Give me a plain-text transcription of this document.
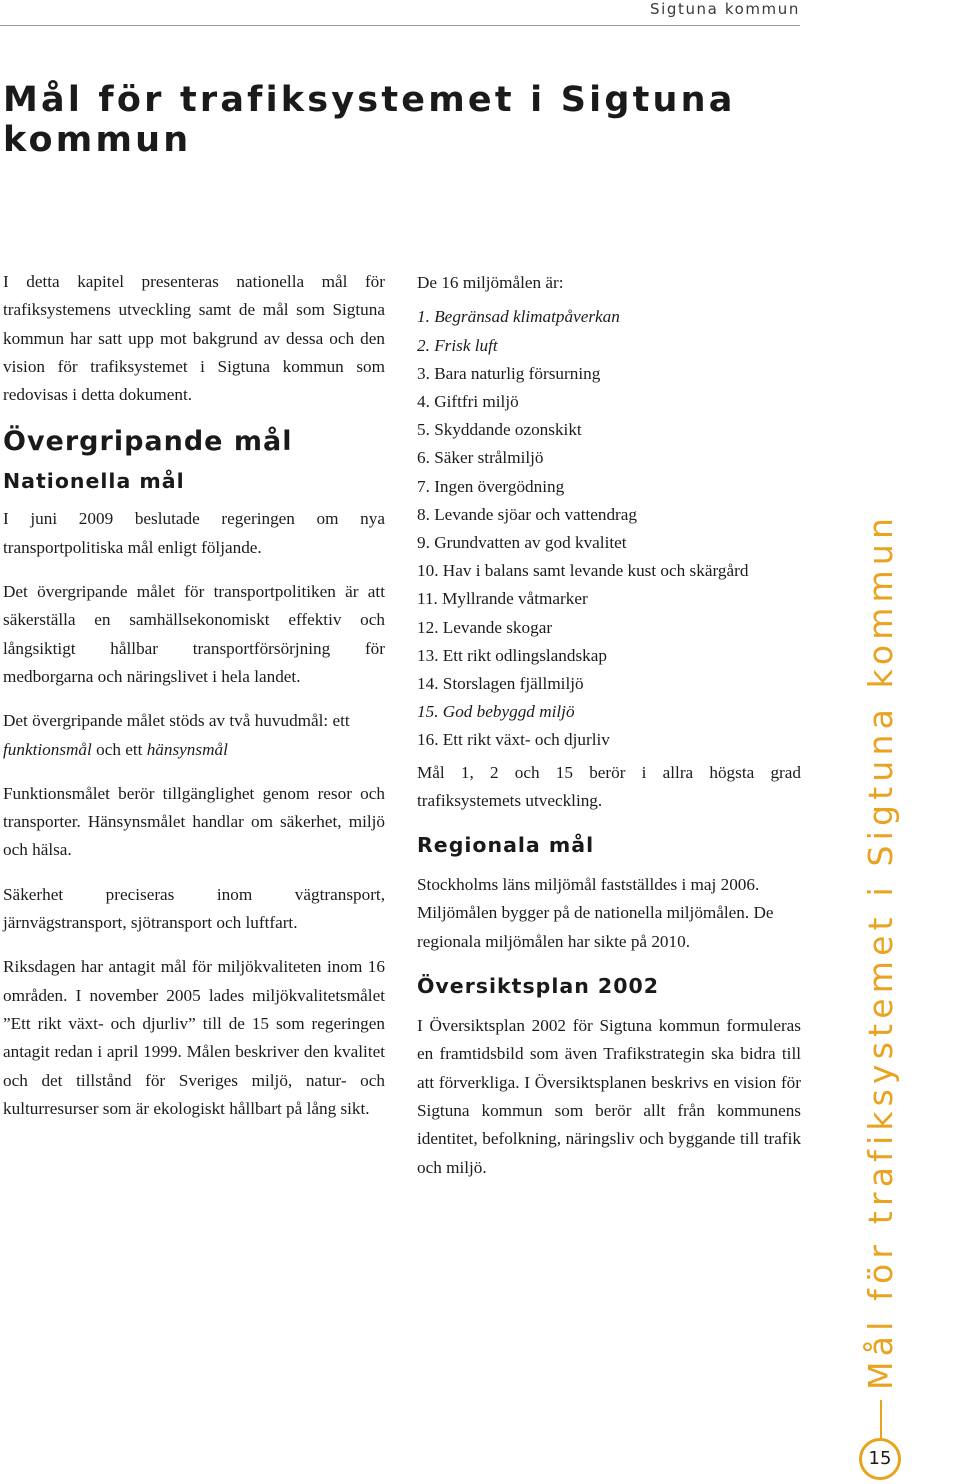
Sigtuna kommun
Mål för trafiksystemet i Sigtuna kommun

I detta kapitel presenteras nationella mål för trafiksystemens utveckling samt de mål som Sigtuna kommun har satt upp mot bakgrund av dessa och den vision för trafiksystemet i Sigtuna kommun som redovisas i detta dokument.

Övergripande mål
Nationella mål

I juni 2009 beslutade regeringen om nya transportpolitiska mål enligt följande.

Det övergripande målet för transportpolitiken är att säkerställa en samhällsekonomiskt effektiv och långsiktigt hållbar transportförsörjning för medborgarna och näringslivet i hela landet.

Det övergripande målet stöds av två huvudmål: ett funktionsmål och ett hänsynsmål

Funktionsmålet berör tillgänglighet genom resor och transporter. Hänsynsmålet handlar om säkerhet, miljö och hälsa.

Säkerhet preciseras inom vägtransport, järnvägstransport, sjötransport och luftfart.

Riksdagen har antagit mål för miljökvaliteten inom 16 områden. I november 2005 lades miljökvalitetsmålet ”Ett rikt växt- och djurliv” till de 15 som regeringen antagit redan i april 1999. Målen beskriver den kvalitet och det tillstånd för Sveriges miljö, natur- och kulturresurser som är ekologiskt hållbart på lång sikt.

De 16 miljömålen är:
1. Begränsad klimatpåverkan
2. Frisk luft
3. Bara naturlig försurning
4. Giftfri miljö
5. Skyddande ozonskikt
6. Säker strålmiljö
7. Ingen övergödning
8. Levande sjöar och vattendrag
9. Grundvatten av god kvalitet
10. Hav i balans samt levande kust och skärgård
11. Myllrande våtmarker
12. Levande skogar
13. Ett rikt odlingslandskap
14. Storslagen fjällmiljö
15. God bebyggd miljö
16. Ett rikt växt- och djurliv

Mål 1, 2 och 15 berör i allra högsta grad trafiksystemets utveckling.

Regionala mål

Stockholms läns miljömål fastställdes i maj 2006. Miljömålen bygger på de nationella miljömålen. De regionala miljömålen har sikte på 2010.

Översiktsplan 2002

I Översiktsplan 2002 för Sigtuna kommun formuleras en framtidsbild som även Trafikstrategin ska bidra till att förverkliga. I Översiktsplanen beskrivs en vision för Sigtuna kommun som berör allt från kommunens identitet, befolkning, näringsliv och byggande till trafik och miljö.	Mål för trafiksystemet i Sigtuna kommun
15
